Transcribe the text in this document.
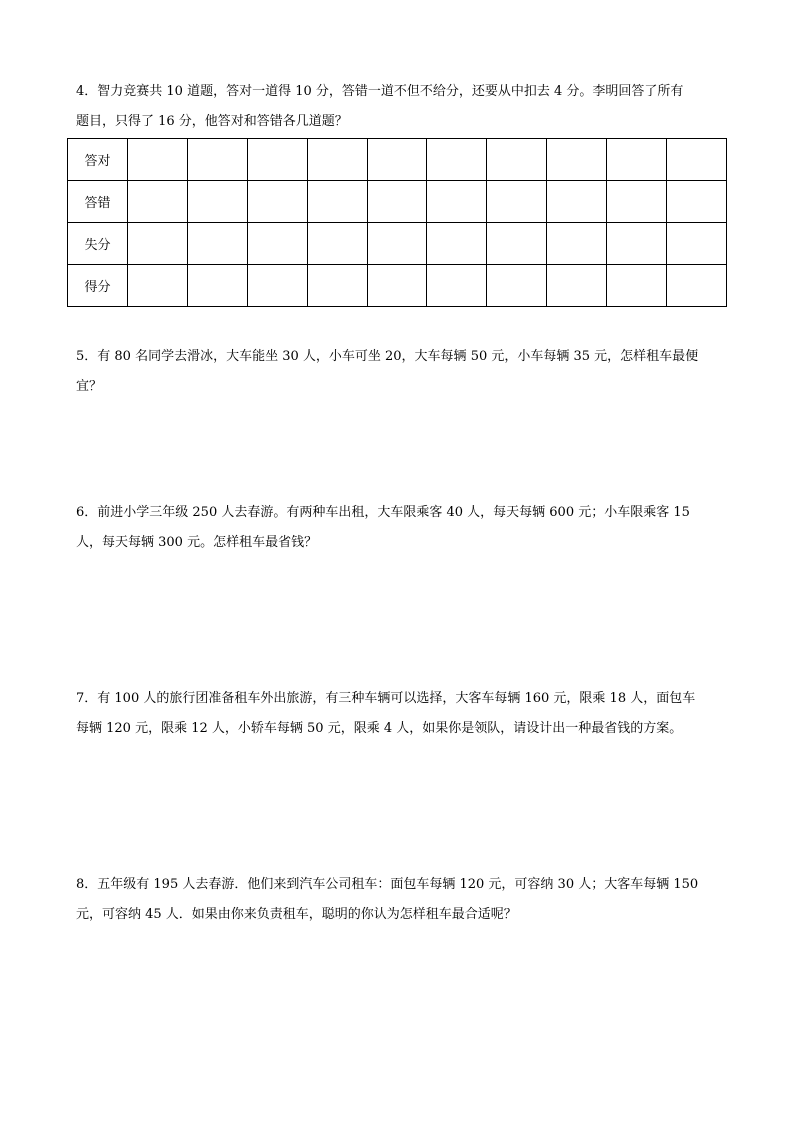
4．智力竞赛共 10 道题，答对一道得 10 分，答错一道不但不给分，还要从中扣去 4 分。李明回答了所有

题目，只得了 16 分，他答对和答错各几道题？

答对										
答错										
失分										
得分										

5．有 80 名同学去滑冰，大车能坐 30 人，小车可坐 20，大车每辆 50 元，小车每辆 35 元，怎样租车最便

宜？

6．前进小学三年级 250 人去春游。有两种车出租，大车限乘客 40 人，每天每辆 600 元；小车限乘客 15

人，每天每辆 300 元。怎样租车最省钱？

7．有 100 人的旅行团准备租车外出旅游，有三种车辆可以选择，大客车每辆 160 元，限乘 18 人，面包车

每辆 120 元，限乘 12 人，小轿车每辆 50 元，限乘 4 人，如果你是领队，请设计出一种最省钱的方案。

8．五年级有 195 人去春游．他们来到汽车公司租车：面包车每辆 120 元，可容纳 30 人；大客车每辆 150

元，可容纳 45 人．如果由你来负责租车，聪明的你认为怎样租车最合适呢？
